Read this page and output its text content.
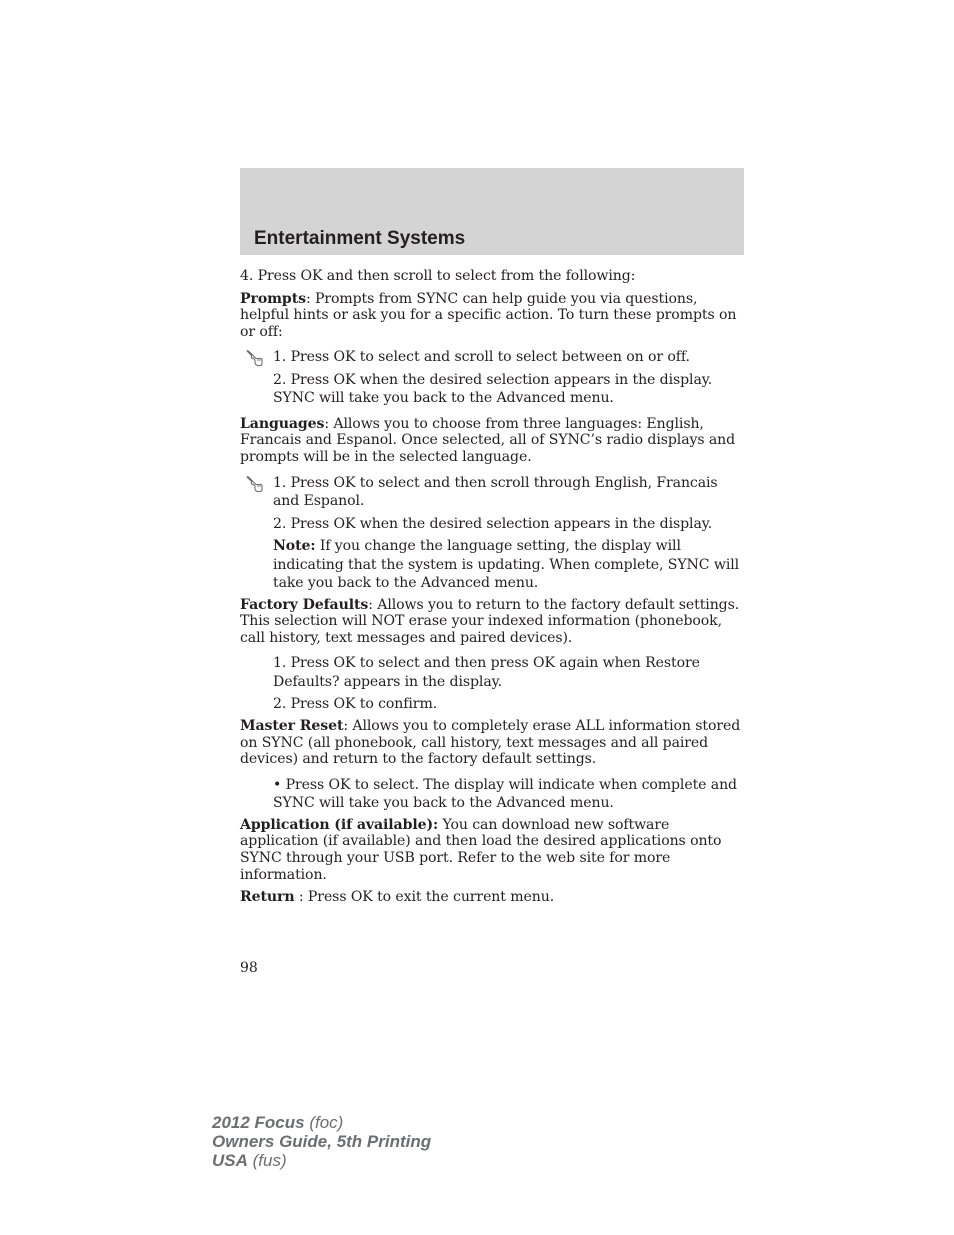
Entertainment Systems

4. Press OK and then scroll to select from the following:

Prompts: Prompts from SYNC can help guide you via questions, helpful hints or ask you for a specific action. To turn these prompts on or off:

1. Press OK to select and scroll to select between on or off.

2. Press OK when the desired selection appears in the display. SYNC will take you back to the Advanced menu.

Languages: Allows you to choose from three languages: English, Francais and Espanol. Once selected, all of SYNC’s radio displays and prompts will be in the selected language.

1. Press OK to select and then scroll through English, Francais and Espanol.

2. Press OK when the desired selection appears in the display.

Note: If you change the language setting, the display will indicating that the system is updating. When complete, SYNC will take you back to the Advanced menu.

Factory Defaults: Allows you to return to the factory default settings. This selection will NOT erase your indexed information (phonebook, call history, text messages and paired devices).

1. Press OK to select and then press OK again when Restore Defaults? appears in the display.

2. Press OK to confirm.

Master Reset: Allows you to completely erase ALL information stored on SYNC (all phonebook, call history, text messages and all paired devices) and return to the factory default settings.

• Press OK to select. The display will indicate when complete and SYNC will take you back to the Advanced menu.

Application (if available): You can download new software application (if available) and then load the desired applications onto SYNC through your USB port. Refer to the web site for more information.

Return : Press OK to exit the current menu.

98
2012 Focus (foc)
Owners Guide, 5th Printing
USA (fus)
